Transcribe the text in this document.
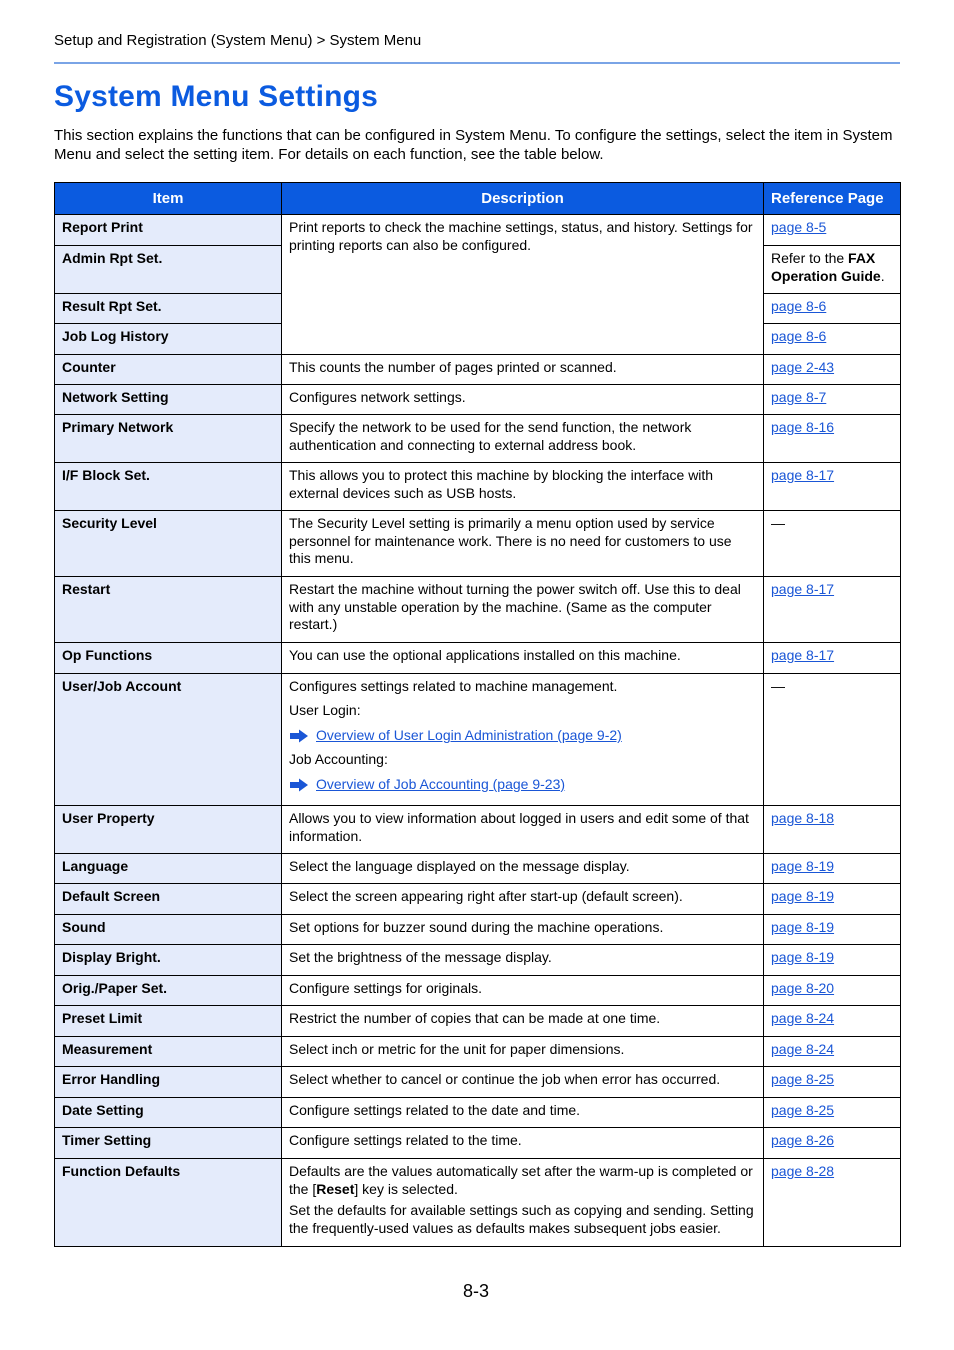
Setup and Registration (System Menu) > System Menu
System Menu Settings

This section explains the functions that can be configured in System Menu. To configure the settings, select the item in System Menu and select the setting item. For details on each function, see the table below.

Item	Description	Reference Page
Report Print	Print reports to check the machine settings, status, and history. Settings for printing reports can also be configured.	page 8-5
Admin Rpt Set.		Refer to the FAX
Operation Guide.
Result Rpt Set.		page 8-6
Job Log History		page 8-6
Counter	This counts the number of pages printed or scanned.	page 2-43
Network Setting	Configures network settings.	page 8-7
Primary Network	Specify the network to be used for the send function, the network authentication and connecting to external address book.	page 8-16
I/F Block Set.	This allows you to protect this machine by blocking the interface with external devices such as USB hosts.	page 8-17
Security Level	The Security Level setting is primarily a menu option used by service personnel for maintenance work. There is no need for customers to use this menu.	—
Restart	Restart the machine without turning the power switch off. Use this to deal with any unstable operation by the machine. (Same as the computer restart.)	page 8-17
Op Functions	You can use the optional applications installed on this machine.	page 8-17
User/Job Account	Configures settings related to machine management.
User Login:
Overview of User Login Administration (page 9-2)
Job Accounting:
Overview of Job Accounting (page 9-23)	—
User Property	Allows you to view information about logged in users and edit some of that information.	page 8-18
Language	Select the language displayed on the message display.	page 8-19
Default Screen	Select the screen appearing right after start-up (default screen).	page 8-19
Sound	Set options for buzzer sound during the machine operations.	page 8-19
Display Bright.	Set the brightness of the message display.	page 8-19
Orig./Paper Set.	Configure settings for originals.	page 8-20
Preset Limit	Restrict the number of copies that can be made at one time.	page 8-24
Measurement	Select inch or metric for the unit for paper dimensions.	page 8-24
Error Handling	Select whether to cancel or continue the job when error has occurred.	page 8-25
Date Setting	Configure settings related to the date and time.	page 8-25
Timer Setting	Configure settings related to the time.	page 8-26
Function Defaults	Defaults are the values automatically set after the warm-up is completed or the [Reset] key is selected.
Set the defaults for available settings such as copying and sending. Setting the frequently-used values as defaults makes subsequent jobs easier.	page 8-28
8-3
